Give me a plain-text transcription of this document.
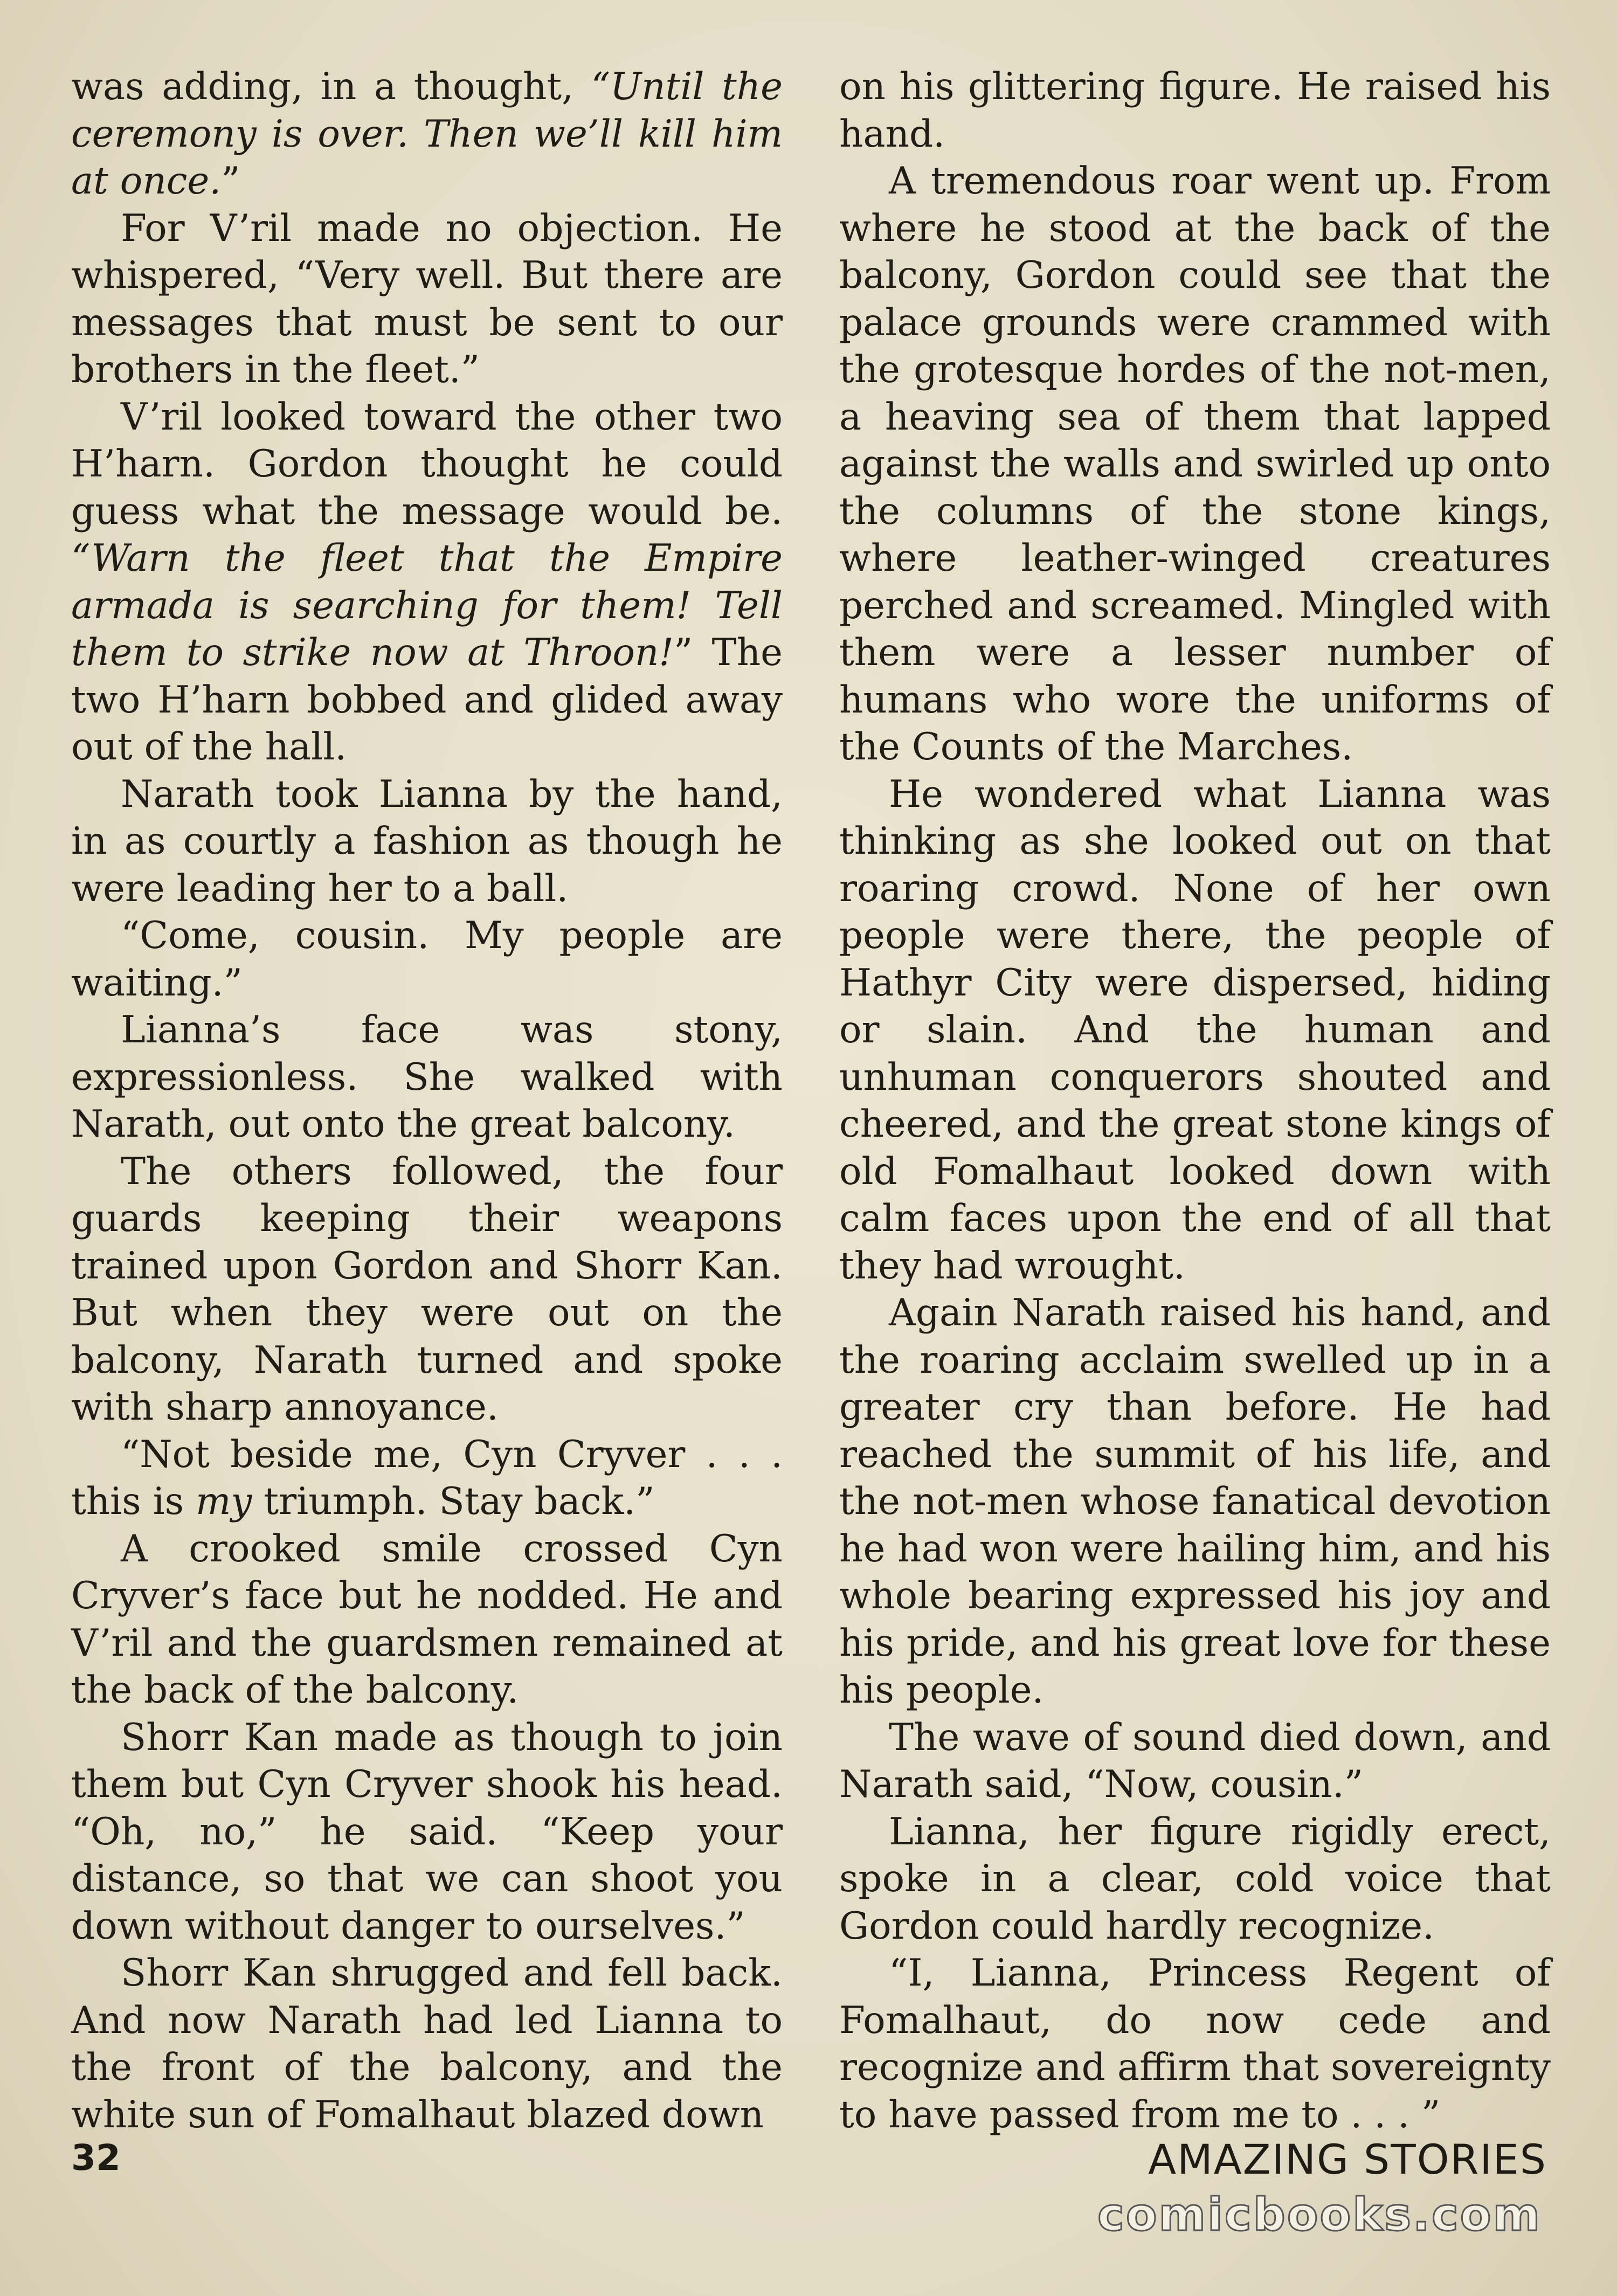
was adding, in a thought, “Until the ceremony is over. Then we’ll kill him at once.”

For V’ril made no objection. He whispered, “Very well. But there are messages that must be sent to our brothers in the fleet.”

V’ril looked toward the other two H’harn. Gordon thought he could guess what the message would be. “Warn the fleet that the Empire armada is searching for them! Tell them to strike now at Throon!” The two H’harn bobbed and glided away out of the hall.

Narath took Lianna by the hand, in as courtly a fashion as though he were leading her to a ball.

“Come, cousin. My people are waiting.”

Lianna’s face was stony, expressionless. She walked with Narath, out onto the great balcony.

The others followed, the four guards keeping their weapons trained upon Gordon and Shorr Kan. But when they were out on the balcony, Narath turned and spoke with sharp annoyance.

“Not beside me, Cyn Cryver . . . this is my triumph. Stay back.”

A crooked smile crossed Cyn Cryver’s face but he nodded. He and V’ril and the guardsmen remained at the back of the balcony.

Shorr Kan made as though to join them but Cyn Cryver shook his head. “Oh, no,” he said. “Keep your distance, so that we can shoot you down without danger to ourselves.”

Shorr Kan shrugged and fell back. And now Narath had led Lianna to the front of the balcony, and the white sun of Fomalhaut blazed down

on his glittering figure. He raised his hand.

A tremendous roar went up. From where he stood at the back of the balcony, Gordon could see that the palace grounds were crammed with the grotesque hordes of the not-men, a heaving sea of them that lapped against the walls and swirled up onto the columns of the stone kings, where leather-winged creatures perched and screamed. Mingled with them were a lesser number of humans who wore the uniforms of the Counts of the Marches.

He wondered what Lianna was thinking as she looked out on that roaring crowd. None of her own people were there, the people of Hathyr City were dispersed, hiding or slain. And the human and unhuman conquerors shouted and cheered, and the great stone kings of old Fomalhaut looked down with calm faces upon the end of all that they had wrought.

Again Narath raised his hand, and the roaring acclaim swelled up in a greater cry than before. He had reached the summit of his life, and the not-men whose fanatical devotion he had won were hailing him, and his whole bearing expressed his joy and his pride, and his great love for these his people.

The wave of sound died down, and Narath said, “Now, cousin.”

Lianna, her figure rigidly erect, spoke in a clear, cold voice that Gordon could hardly recognize.

“I, Lianna, Princess Regent of Fomalhaut, do now cede and recognize and affirm that sovereignty to have passed from me to . . . ”

32	AMAZING STORIES
comicbooks.com
